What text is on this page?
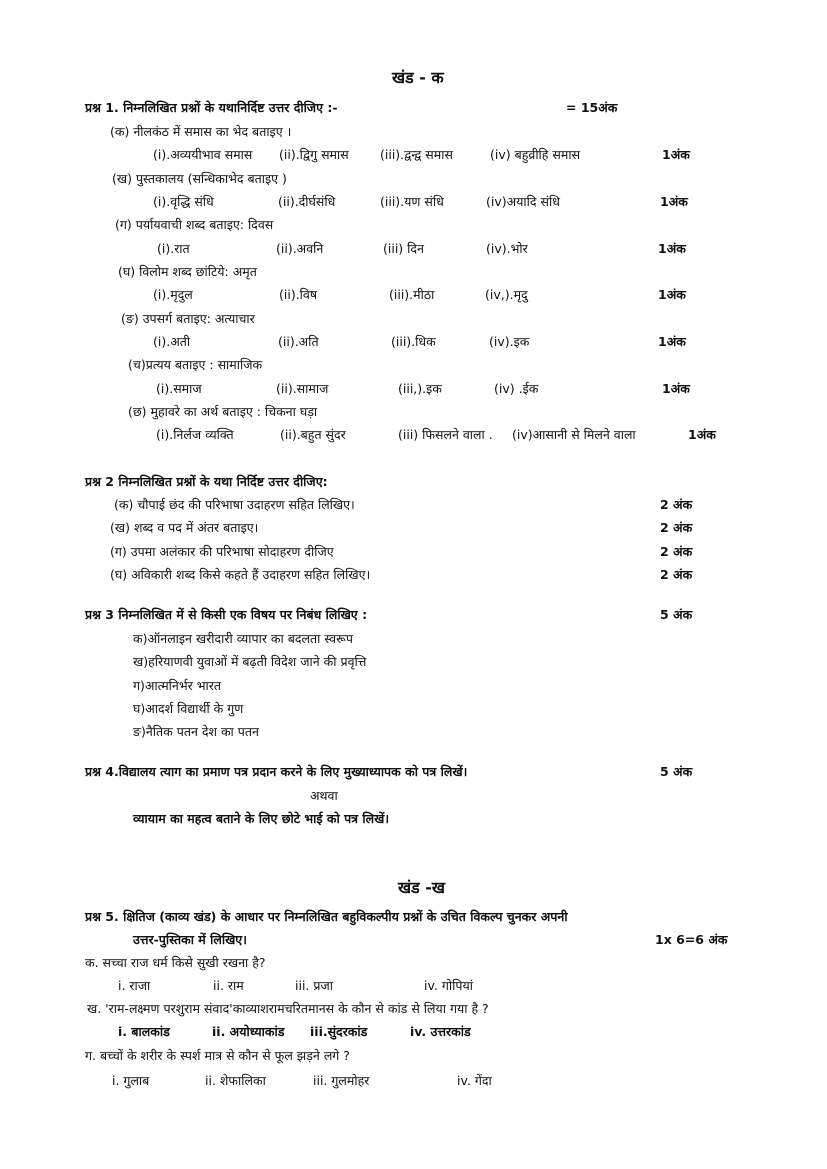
खंड - क
प्रश्न 1. निम्नलिखित प्रश्नों के यथानिर्दिष्ट उत्तर दीजिए :-	= 15अंक
(क) नीलकंठ में समास का भेद बताइए ।
(i).अव्ययीभाव समास (ii).द्विगु समास	(iii).द्वन्द्व समास	(iv) बहुव्रीहि समास	1अंक
(ख) पुस्तकालय (सन्धिकाभेद बताइए )
(i).वृद्धि संधि	(ii).दीर्घसंधि	(iii).यण संधि	(iv)अयादि संधि	1अंक
(ग) पर्यायवाची शब्द बताइए: दिवस
(i).रात	(ii).अवनि	(iii) दिन	(iv).भोर	1अंक
(घ) विलोम शब्द छांटिये: अमृत
(i).मृदुल	(ii).विष	(iii).मीठा	(iv,).मृदु	1अंक
(ङ) उपसर्ग बताइए: अत्याचार
(i).अती	(ii).अति	(iii).धिक	(iv).इक	1अंक
(च)प्रत्यय बताइए : सामाजिक
(i).समाज	(ii).सामाज	(iii,).इक	(iv) .ईक	1अंक
(छ) मुहावरे का अर्थ बताइए : चिकना घड़ा
(i).निर्लज व्यक्ति	(ii).बहुत सुंदर	(iii) फिसलने वाला . (iv)आसानी से मिलने वाला	1अंक
प्रश्न 2 निम्नलिखित प्रश्नों के यथा निर्दिष्ट उत्तर दीजिए:
(क) चौपाई छंद की परिभाषा उदाहरण सहित लिखिए।	2 अंक
(ख) शब्द व पद में अंतर बताइए।	2 अंक
(ग) उपमा अलंकार की परिभाषा सोदाहरण दीजिए	2 अंक
(घ) अविकारी शब्द किसे कहते हैं उदाहरण सहित लिखिए।	2 अंक
प्रश्न 3 निम्नलिखित में से किसी एक विषय पर निबंध लिखिए :	5 अंक
क)ऑनलाइन खरीदारी व्यापार का बदलता स्वरूप
ख)हरियाणवी युवाओं में बढ़ती विदेश जाने की प्रवृत्ति
ग)आत्मनिर्भर भारत
घ)आदर्श विद्यार्थी के गुण
ङ)नैतिक पतन देश का पतन
प्रश्न 4.विद्यालय त्याग का प्रमाण पत्र प्रदान करने के लिए मुख्याध्यापक को पत्र लिखें।	5 अंक
अथवा
व्यायाम का महत्व बताने के लिए छोटे भाई को पत्र लिखें।
खंड -ख
प्रश्न 5. क्षितिज (काव्य खंड) के आधार पर निम्नलिखित बहुविकल्पीय प्रश्नों के उचित विकल्प चुनकर अपनी
उत्तर-पुस्तिका में लिखिए।	1x 6=6 अंक
क. सच्चा राज धर्म किसे सुखी रखना है?
i. राजा	ii. राम	iii. प्रजा	iv. गोपियां
ख. 'राम-लक्ष्मण परशुराम संवाद'काव्याशरामचरितमानस के कौन से कांड से लिया गया है ?
i. बालकांड	ii. अयोध्याकांड iii.सुंदरकांड	iv. उत्तरकांड
ग. बच्चों के शरीर के स्पर्श मात्र से कौन से फूल झड़ने लगे ?
i. गुलाब	ii. शेफालिका	iii. गुलमोहर	iv. गेंदा
